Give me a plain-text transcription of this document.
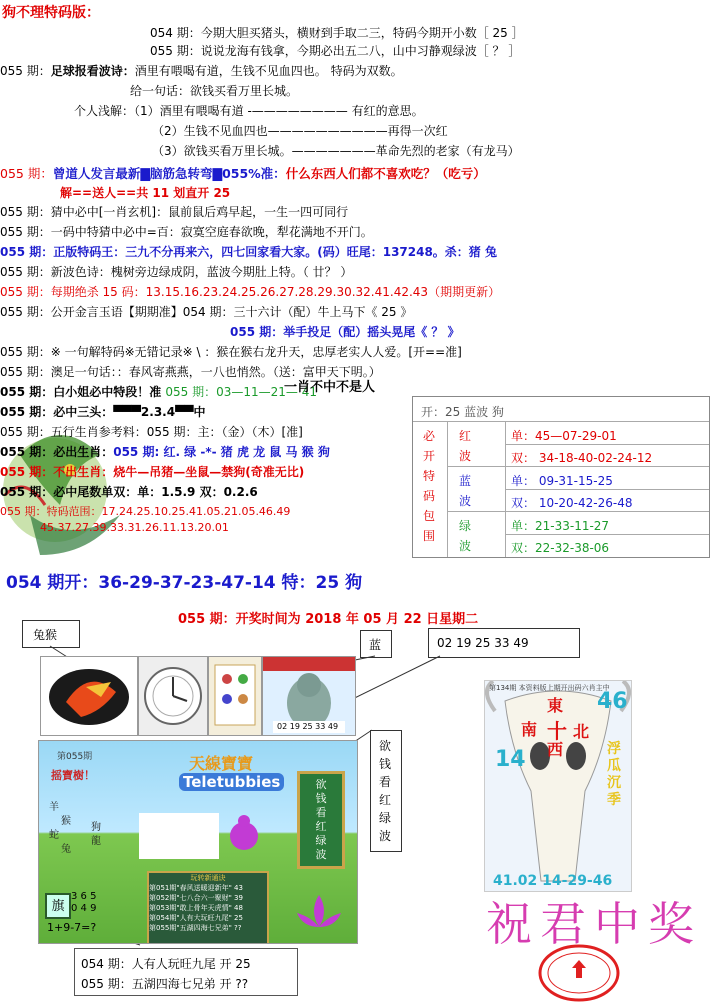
狗不理特码版：
054 期：今期大胆买猪头，横财到手取二三，特码今期开小数［ 25 ］
055 期：说说龙海有钱拿，今期必出五二八，山中习静观绿波［ ？ ］
055 期：足球报看波诗：酒里有喂喝有道，生钱不见血四也。 特码为双数。
给一句话：欲钱买看万里长城。
个人浅解：（1）酒里有喂喝有道 -———————— 有红的意思。
（2）生钱不见血四也——————————再得一次红
（3）欲钱买看万里长城。———————革命先烈的老家（有龙马）
055 期：曾道人发言最新▇脑筋急转弯▇055%准：什么东西人们都不喜欢吃？（吃亏）
解==送人==共 11 划直开 25
055 期：猜中必中[一肖玄机]：鼠前鼠后鸡早起，一生一四可同行
055 期：一码中特猜中必中=百：寂寞空庭春欲晚，犁花满地不开门。
055 期：正版特码王：三九不分再来六，四七回家看大家。(码）旺尾：137248。杀：猪 兔
055 期：新波色诗：槐树旁边绿成阴，蓝波今期肚上特。（ 廿？ ）
055 期：每期绝杀 15 码：13.15.16.23.24.25.26.27.28.29.30.32.41.42.43（期期更新）
055 期：公开金言玉语【期期准】054 期：三十六计（配）牛上马下《 25 》
055 期：举手投足（配）摇头晃尾《 ？ 》
055 期：※ 一句解特码※无错记录※ \ ：猴在猴右龙升天，忠厚老实人人爱。[开==准]
055 期：澳足一句话：：春风寄燕燕，一八也悄然。（送：富甲天下明。）
055 期：白小姐必中特段！准 055 期：03—11—21— 41
一肖不中不是人
055 期：必中三头：▀▀▀2.3.4▀▀中
055 期：五行生肖参考料：055 期：主：（金）（木）[准]
055 期：必出生肖：055 期: 红. 绿 -*- 猪 虎 龙 鼠 马 猴 狗
055 期：不出生肖：烧牛—吊猪—坐鼠—禁狗(奇准无比)
055 期：必中尾数单双：单：1.5.9 双：0.2.6
055 期：特码范围：17.24.25.10.25.41.05.21.05.46.49
45.37.27.39.33.31.26.11.13.20.01
开：25 蓝波 狗
必
开
特
码
包
围
红
波
蓝
波
绿
波
单：45—07-29-01
双： 34-18-40-02-24-12
单： 09-31-15-25
双： 10-20-42-26-48
单：21-33-11-27
双：22-32-38-06
054 期开：36-29-37-23-47-14 特：25 狗
055 期：开奖时间为 2018 年 05 月 22 日星期二
兔猴
蓝	02 19 25 33 49
02 19 25 33 49
欲
钱
看
红
绿
波
天線寶寶
Teletubbies
第055期
摇寶樹！
羊
猴
蛇
兔
狗
龍
欲钱看红绿波
旗
3 6 5
0 4 9
1+9-7=?
玩转新通诀
第051期"春风送暖迎新年" 43
第052期"七八合六一聚财" 39
第053期"敢上骨年天虎情" 48
第054期"人有大玩旺九尾" 25
第055期"五湖四海七兄弟" ??
054 期：人有人玩旺九尾 开 25
055 期：五湖四海七兄弟 开 ??
第134期 本资料版上期开出码六肖主中
東
南 十 北
西
46
14	浮瓜沉季
41.02 14-29-46
祝君中奖
